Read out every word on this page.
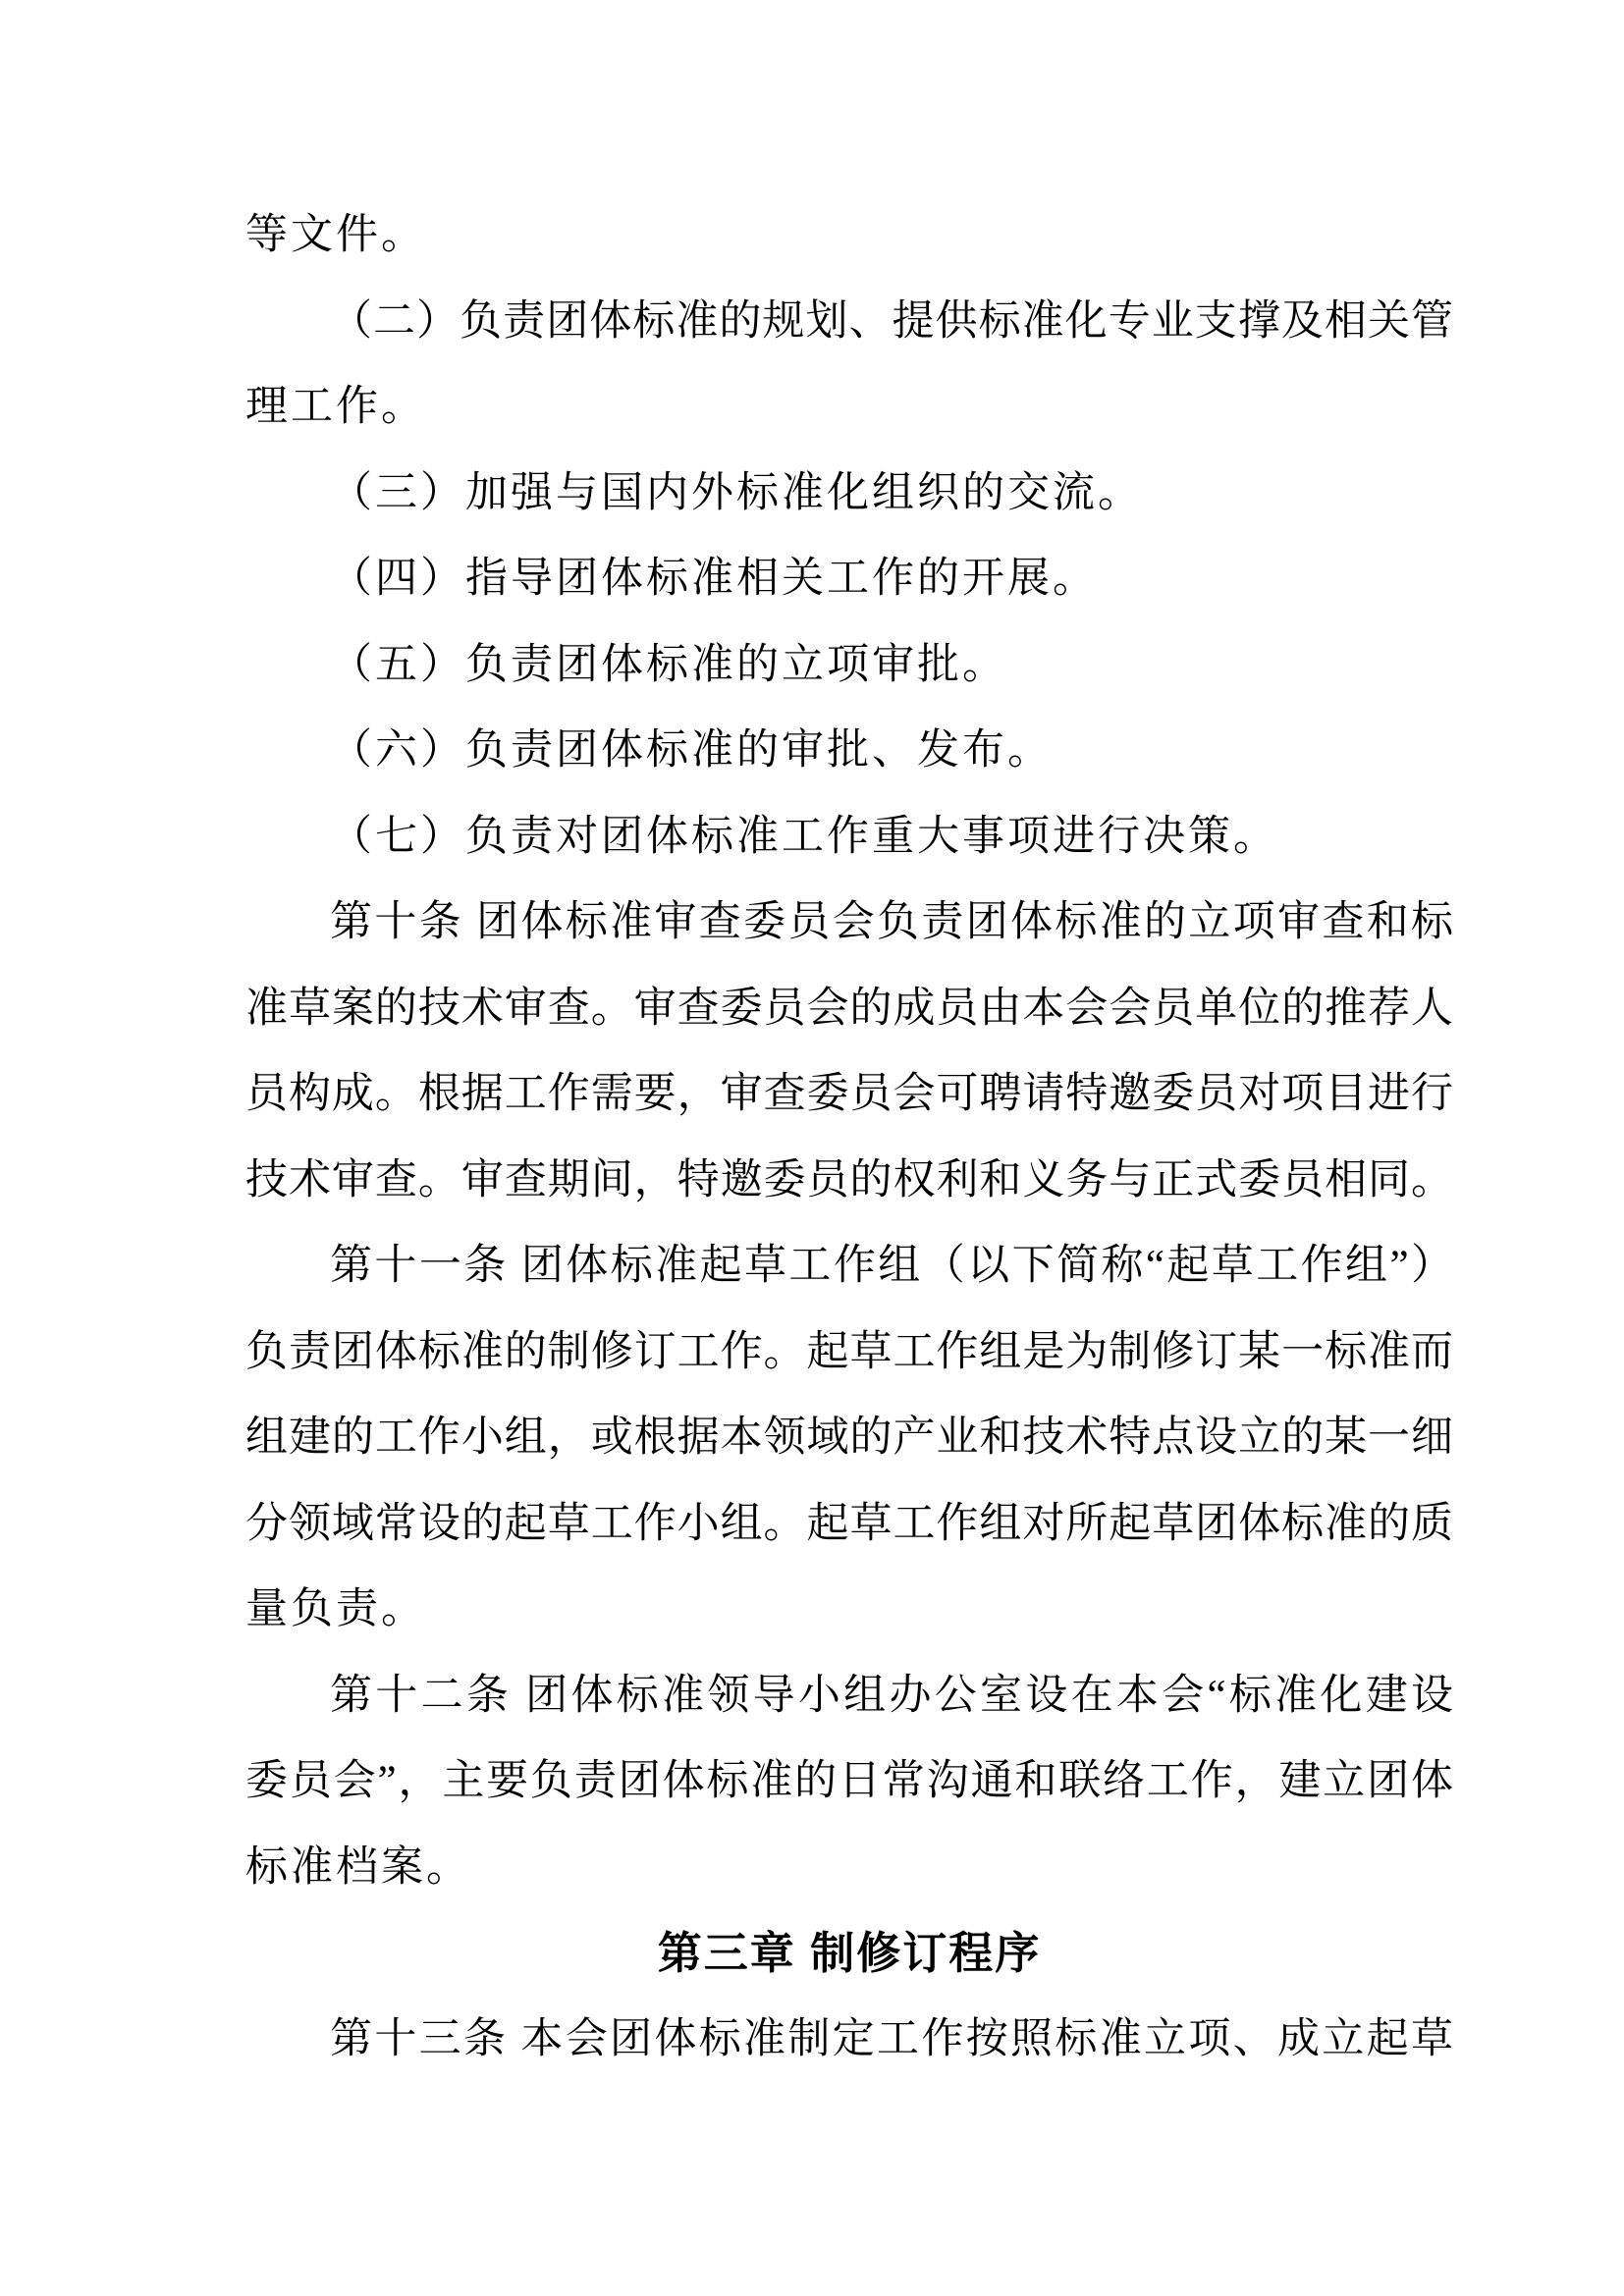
等文件。
（二）负责团体标准的规划、提供标准化专业支撑及相关管
理工作。
（三）加强与国内外标准化组织的交流。
（四）指导团体标准相关工作的开展。
（五）负责团体标准的立项审批。
（六）负责团体标准的审批、发布。
（七）负责对团体标准工作重大事项进行决策。
第十条 团体标准审查委员会负责团体标准的立项审查和标
准草案的技术审查。审查委员会的成员由本会会员单位的推荐人
员构成。根据工作需要，审查委员会可聘请特邀委员对项目进行
技术审查。审查期间，特邀委员的权利和义务与正式委员相同。
第十一条 团体标准起草工作组（以下简称“起草工作组”）
负责团体标准的制修订工作。起草工作组是为制修订某一标准而
组建的工作小组，或根据本领域的产业和技术特点设立的某一细
分领域常设的起草工作小组。起草工作组对所起草团体标准的质
量负责。
第十二条 团体标准领导小组办公室设在本会“标准化建设
委员会”，主要负责团体标准的日常沟通和联络工作，建立团体
标准档案。
第三章 制修订程序
第十三条 本会团体标准制定工作按照标准立项、成立起草
